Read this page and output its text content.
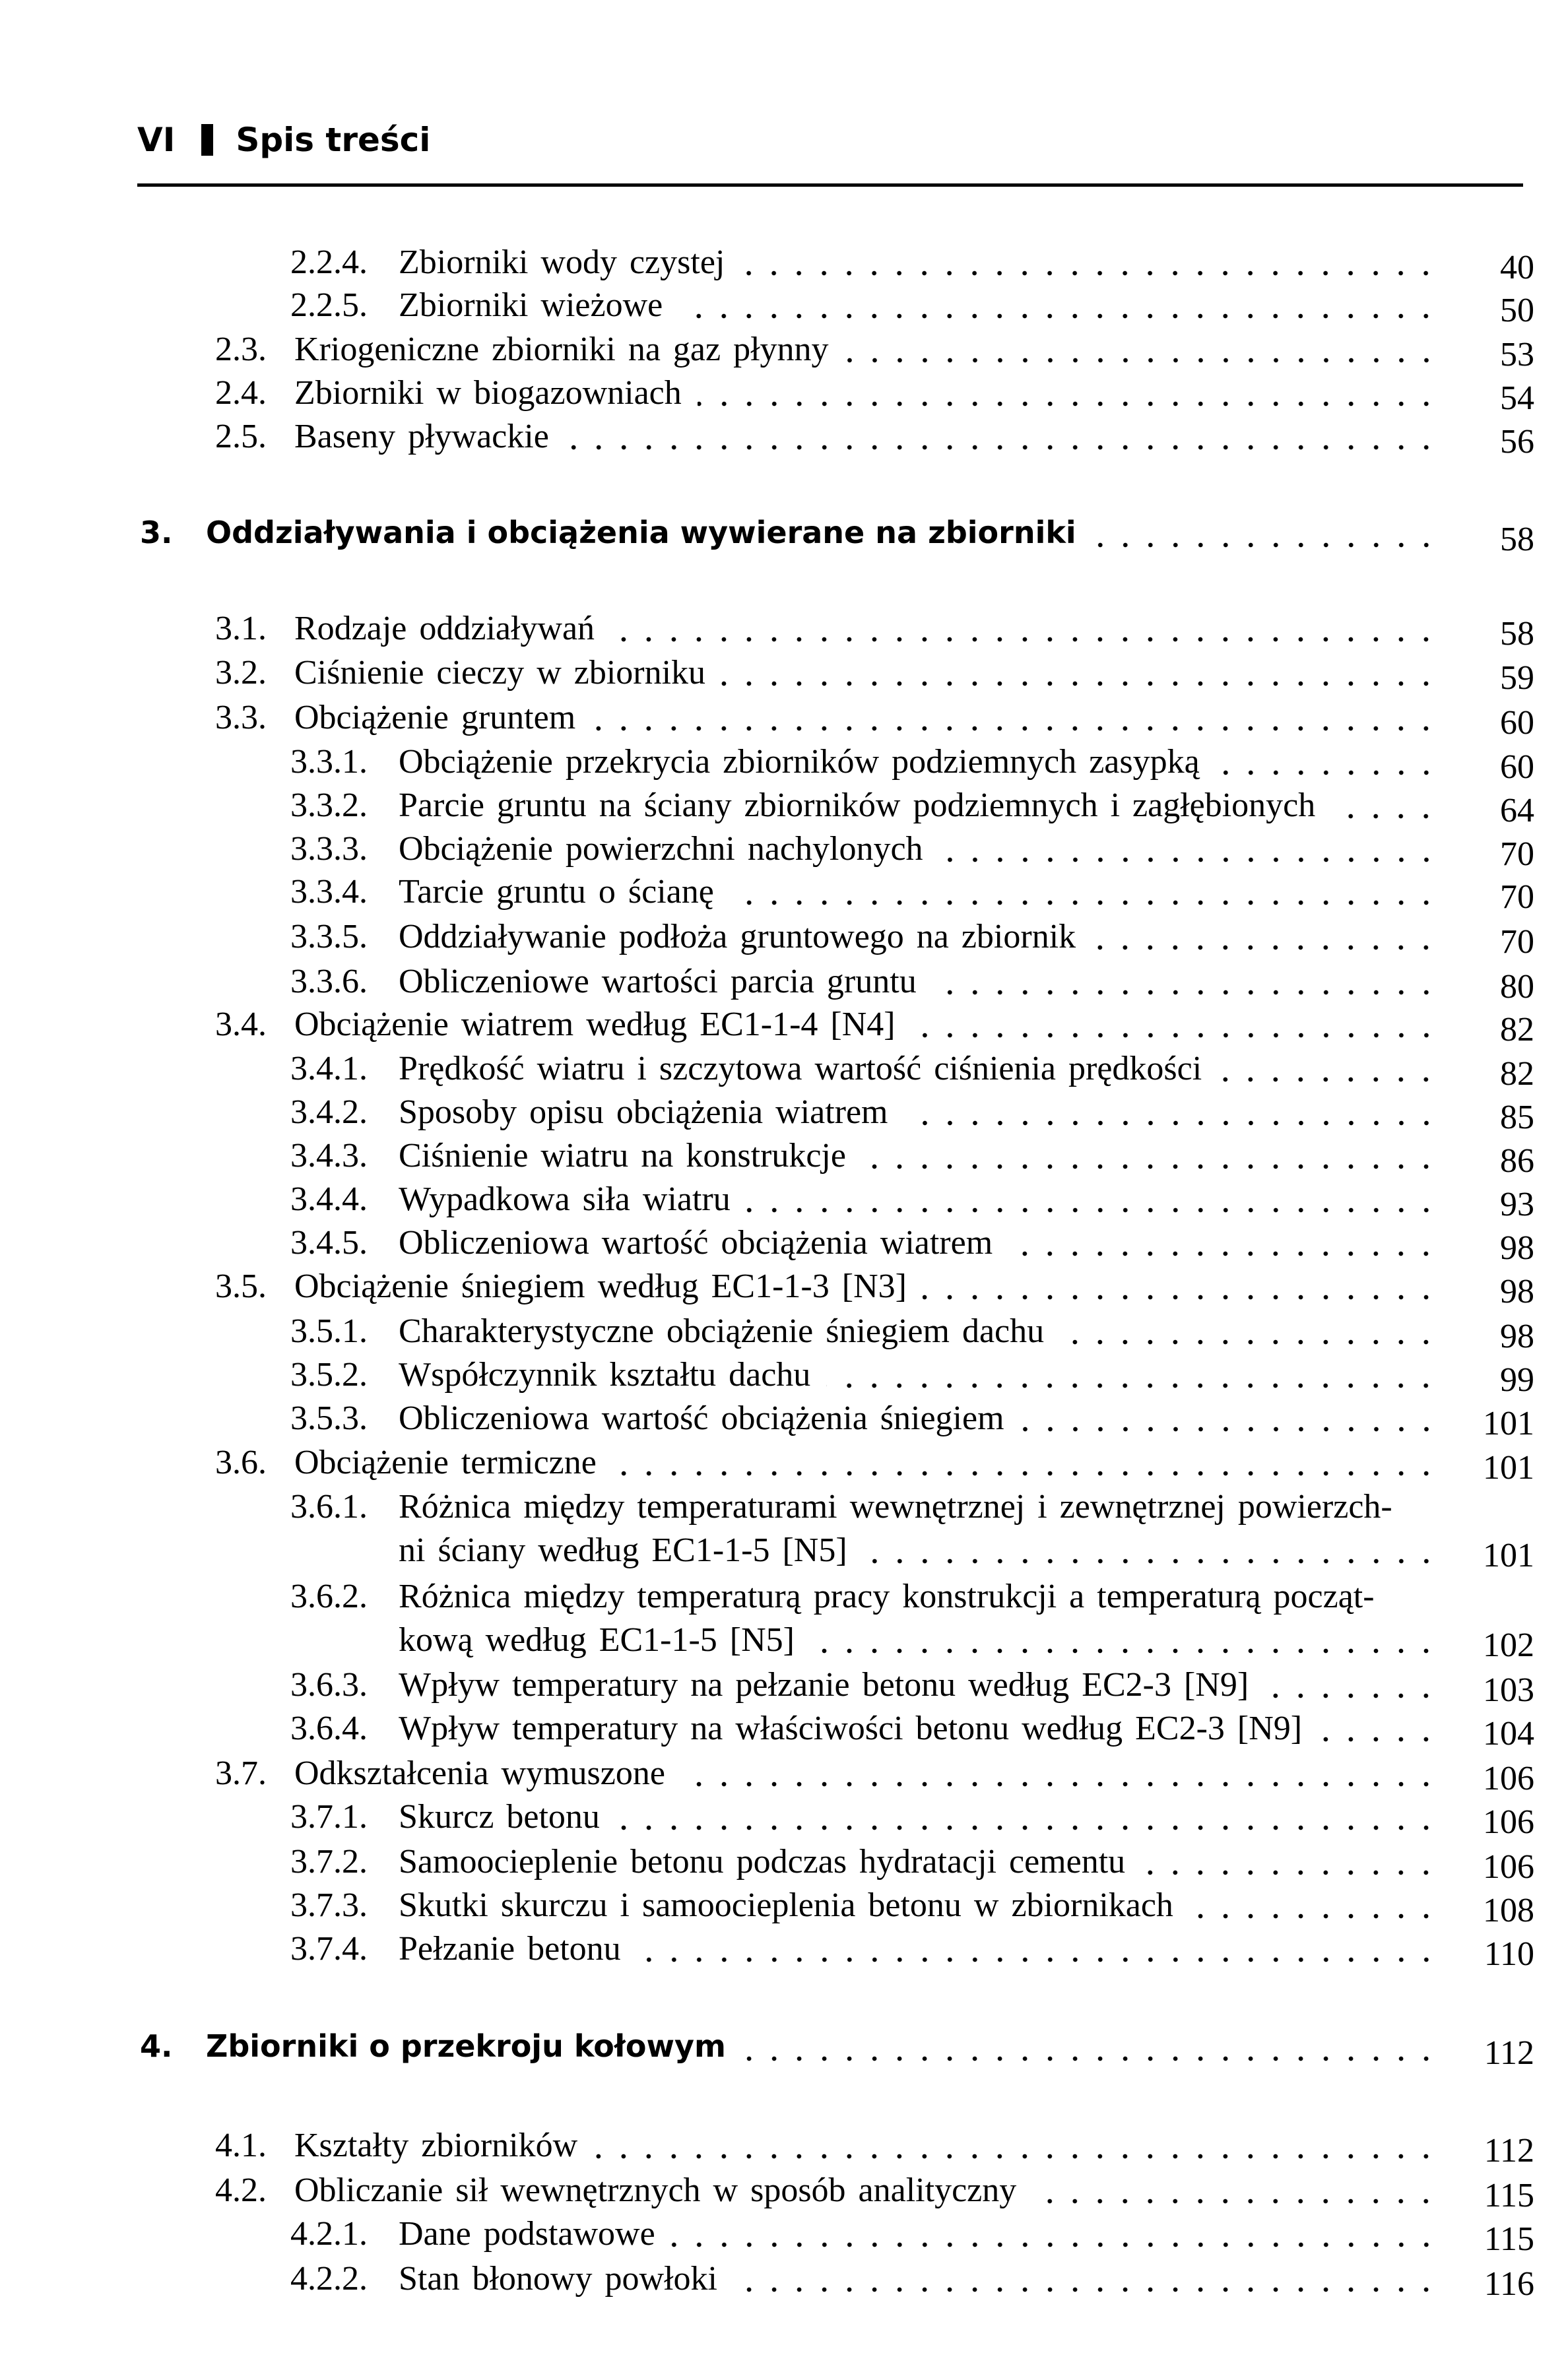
VI Spis treści
2.2.4. Zbiorniki wody czystej	40
2.2.5. Zbiorniki wieżowe	50
2.3. Kriogeniczne zbiorniki na gaz płynny	53
2.4. Zbiorniki w biogazowniach	54
2.5. Baseny pływackie	56
3. Oddziaływania i obciążenia wywierane na zbiorniki	58
3.1. Rodzaje oddziaływań	58
3.2. Ciśnienie cieczy w zbiorniku	59
3.3. Obciążenie gruntem	60
3.3.1. Obciążenie przekrycia zbiorników podziemnych zasypką	60
3.3.2. Parcie gruntu na ściany zbiorników podziemnych i zagłębionych	64
3.3.3. Obciążenie powierzchni nachylonych	70
3.3.4. Tarcie gruntu o ścianę	70
3.3.5. Oddziaływanie podłoża gruntowego na zbiornik	70
3.3.6. Obliczeniowe wartości parcia gruntu	80
3.4. Obciążenie wiatrem według EC1-1-4 [N4]	82
3.4.1. Prędkość wiatru i szczytowa wartość ciśnienia prędkości	82
3.4.2. Sposoby opisu obciążenia wiatrem	85
3.4.3. Ciśnienie wiatru na konstrukcje	86
3.4.4. Wypadkowa siła wiatru	93
3.4.5. Obliczeniowa wartość obciążenia wiatrem	98
3.5. Obciążenie śniegiem według EC1-1-3 [N3]	98
3.5.1. Charakterystyczne obciążenie śniegiem dachu	98
3.5.2. Współczynnik kształtu dachu	99
3.5.3. Obliczeniowa wartość obciążenia śniegiem	101
3.6. Obciążenie termiczne	101
3.6.1. Różnica między temperaturami wewnętrznej i zewnętrznej powierzch-
ni ściany według EC1-1-5 [N5]	101
3.6.2. Różnica między temperaturą pracy konstrukcji a temperaturą począt-
kową według EC1-1-5 [N5]	102
3.6.3. Wpływ temperatury na pełzanie betonu według EC2-3 [N9]	103
3.6.4. Wpływ temperatury na właściwości betonu według EC2-3 [N9]	104
3.7. Odkształcenia wymuszone	106
3.7.1. Skurcz betonu	106
3.7.2. Samoocieplenie betonu podczas hydratacji cementu	106
3.7.3. Skutki skurczu i samoocieplenia betonu w zbiornikach	108
3.7.4. Pełzanie betonu	110
4. Zbiorniki o przekroju kołowym	112
4.1. Kształty zbiorników	112
4.2. Obliczanie sił wewnętrznych w sposób analityczny	115
4.2.1. Dane podstawowe	115
4.2.2. Stan błonowy powłoki	116
